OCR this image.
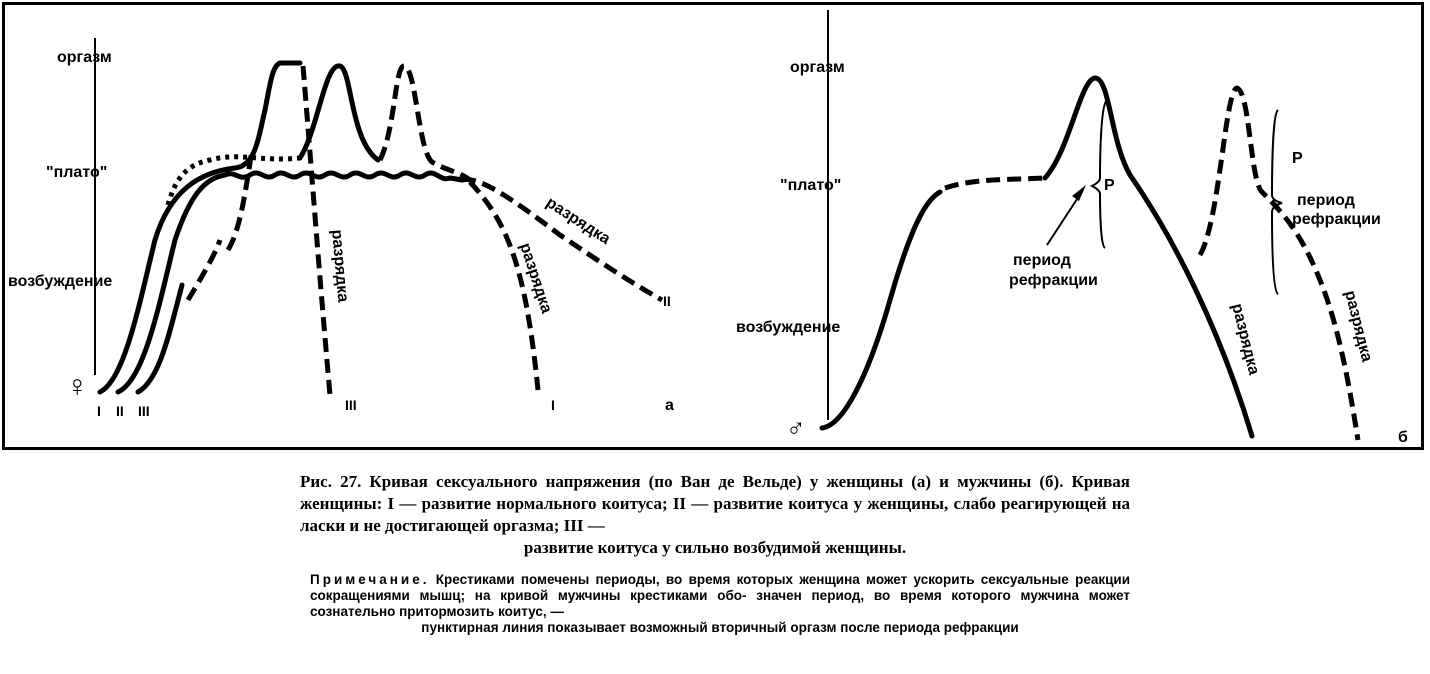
оргазм
"плато"
возбуждение
♀
I II III	III	I
II
а
разрядка	разрядка
разрядка
оргазм
"плато"
возбуждение
♂
Р
Р
период
рефракции
период
рефракции
разрядка	разрядка
б
Рис. 27. Кривая сексуального напряжения (по Ван де Вельде) у женщины (а) и мужчины (б). Кривая женщины: I — развитие нормального коитуса; II — развитие коитуса у женщины, слабо реагирующей на ласки и не достигающей оргазма; III —
развитие коитуса у сильно возбудимой женщины.
Примечание. Крестиками помечены периоды, во время которых женщина может ускорить сексуальные реакции сокращениями мышц; на кривой мужчины крестиками обо- значен период, во время которого мужчина может сознательно притормозить коитус, —
пунктирная линия показывает возможный вторичный оргазм после периода рефракции
